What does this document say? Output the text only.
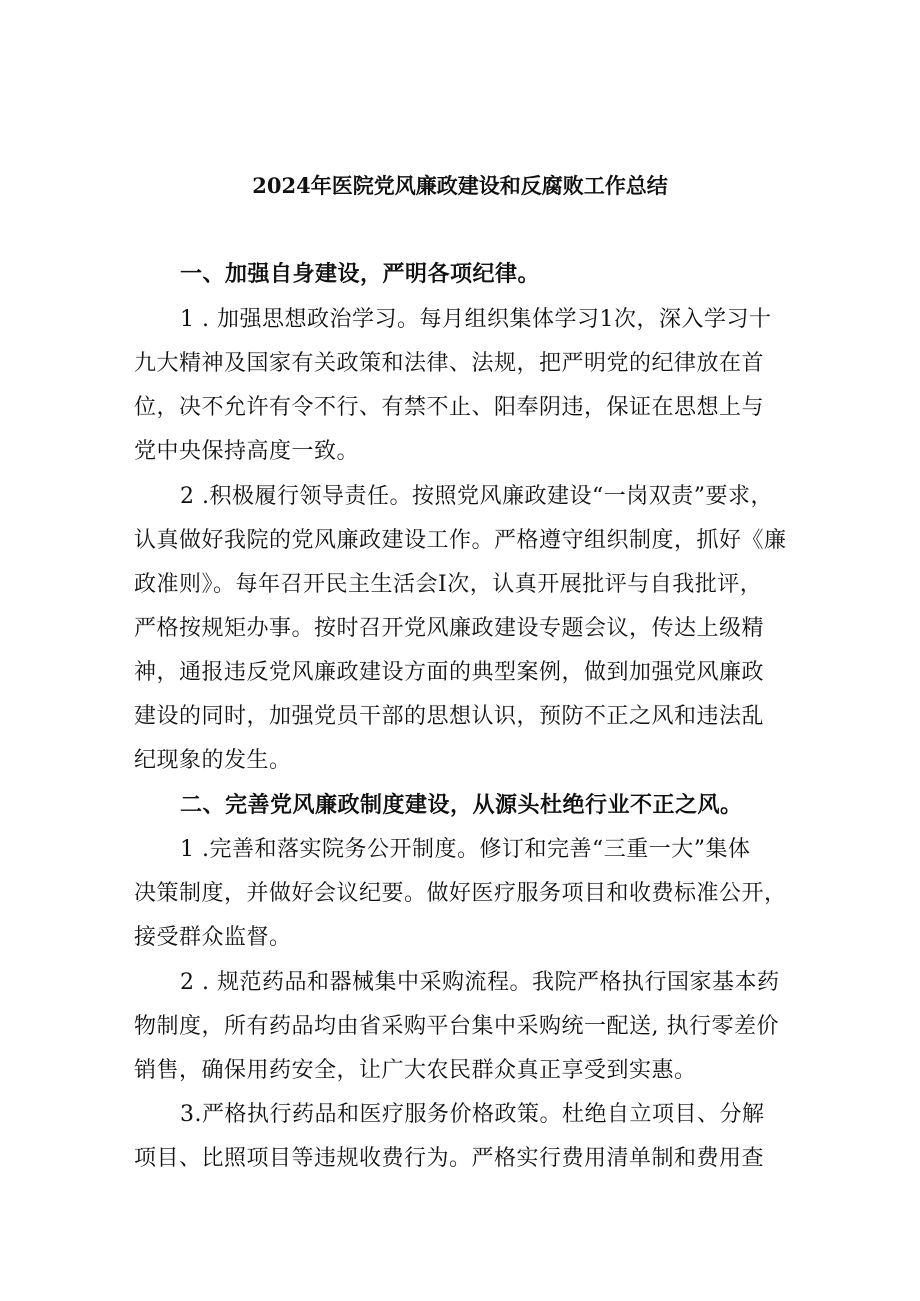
2024年医院党风廉政建设和反腐败工作总结
一、加强自身建设，严明各项纪律。
1 . 加强思想政治学习。每月组织集体学习1次，深入学习十
九大精神及国家有关政策和法律、法规，把严明党的纪律放在首
位，决不允许有令不行、有禁不止、阳奉阴违，保证在思想上与
党中央保持高度一致。
2 .积极履行领导责任。按照党风廉政建设“一岗双责”要求，
认真做好我院的党风廉政建设工作。严格遵守组织制度，抓好《廉
政准则》。每年召开民主生活会I次，认真开展批评与自我批评，
严格按规矩办事。按时召开党风廉政建设专题会议，传达上级精
神，通报违反党风廉政建设方面的典型案例，做到加强党风廉政
建设的同时，加强党员干部的思想认识，预防不正之风和违法乱
纪现象的发生。
二、完善党风廉政制度建设，从源头杜绝行业不正之风。
1 .完善和落实院务公开制度。修订和完善“三重一大”集体
决策制度，并做好会议纪要。做好医疗服务项目和收费标准公开，
接受群众监督。
2 . 规范药品和器械集中采购流程。我院严格执行国家基本药
物制度，所有药品均由省采购平台集中采购统一配送, 执行零差价
销售，确保用药安全，让广大农民群众真正享受到实惠。
3.严格执行药品和医疗服务价格政策。杜绝自立项目、分解
项目、比照项目等违规收费行为。严格实行费用清单制和费用查
